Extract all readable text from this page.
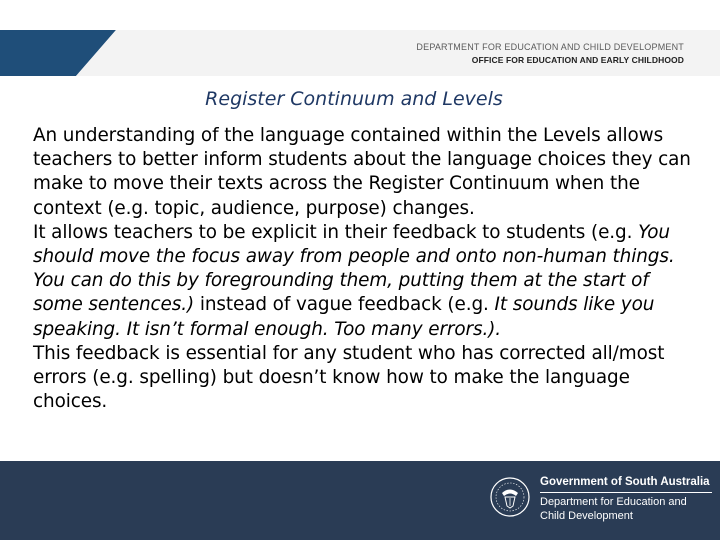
DEPARTMENT FOR EDUCATION AND CHILD DEVELOPMENT
OFFICE FOR EDUCATION AND EARLY CHILDHOOD
Register Continuum and Levels

An understanding of the language contained within the Levels allows teachers to better inform students about the language choices they can make to move their texts across the Register Continuum when the context (e.g. topic, audience, purpose) changes.

It allows teachers to be explicit in their feedback to students (e.g. You should move the focus away from people and onto non-human things. You can do this by foregrounding them, putting them at the start of some sentences.) instead of vague feedback (e.g. It sounds like you speaking. It isn’t formal enough. Too many errors.).

This feedback is essential for any student who has corrected all/most errors (e.g. spelling) but doesn’t know how to make the language choices.

Government of South Australia
Department for Education and
Child Development
